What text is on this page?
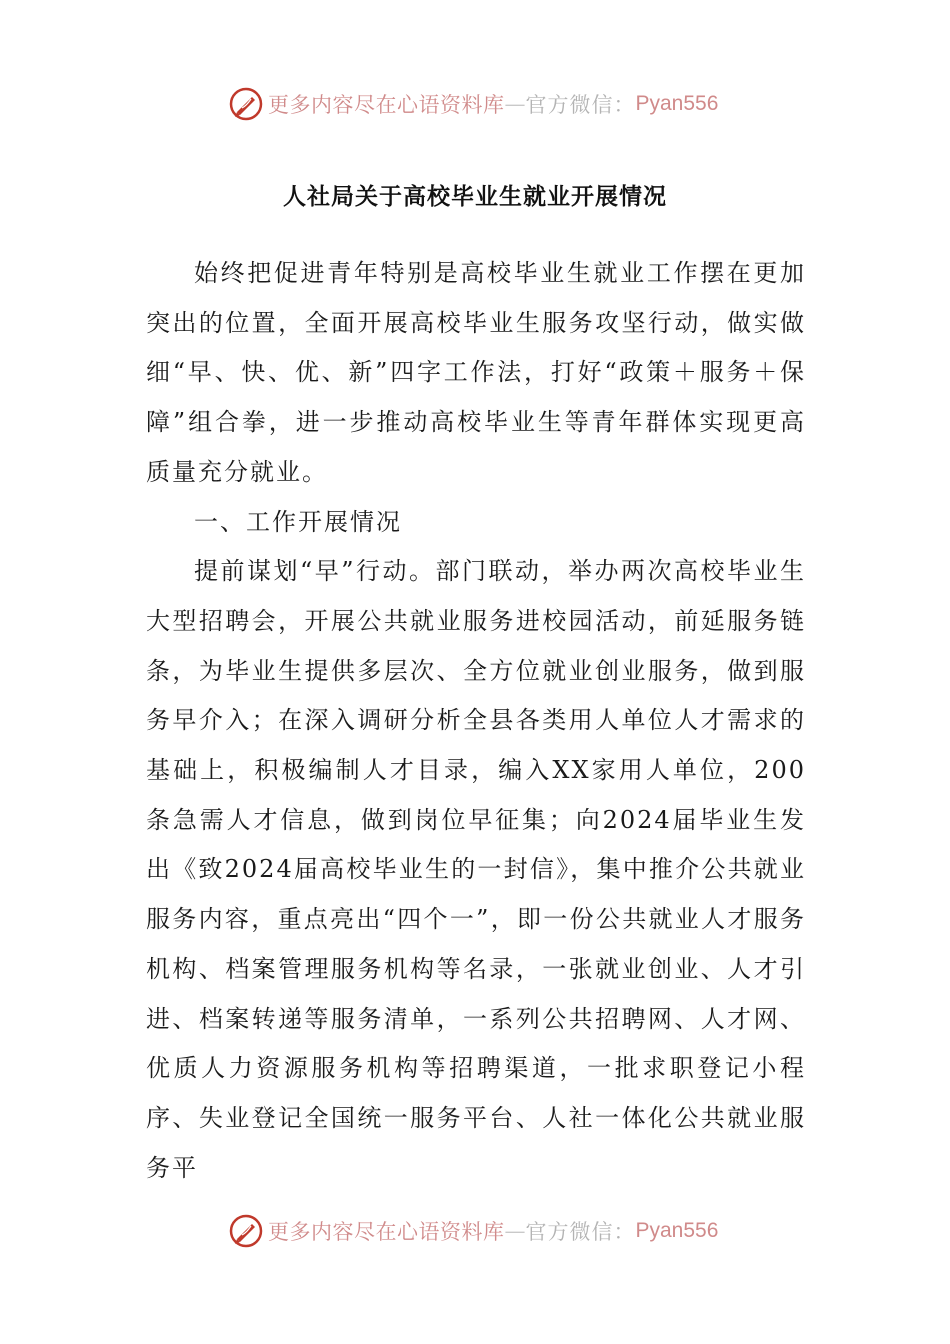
更多内容尽在心语资料库 — 官方微信： Pyan556
人社局关于高校毕业生就业开展情况

始终把促进青年特别是高校毕业生就业工作摆在更加突出的位置，全面开展高校毕业生服务攻坚行动，做实做细“早、快、优、新”四字工作法，打好“政策＋服务＋保障”组合拳，进一步推动高校毕业生等青年群体实现更高质量充分就业。

一、工作开展情况

提前谋划“早”行动。部门联动，举办两次高校毕业生大型招聘会，开展公共就业服务进校园活动，前延服务链条，为毕业生提供多层次、全方位就业创业服务，做到服务早介入；在深入调研分析全县各类用人单位人才需求的基础上，积极编制人才目录，编入XX家用人单位，200条急需人才信息，做到岗位早征集；向2024届毕业生发出《致2024届高校毕业生的一封信》，集中推介公共就业服务内容，重点亮出“四个一”，即一份公共就业人才服务机构、档案管理服务机构等名录，一张就业创业、人才引进、档案转递等服务清单，一系列公共招聘网、人才网、优质人力资源服务机构等招聘渠道，一批求职登记小程序、失业登记全国统一服务平台、人社一体化公共就业服务平

更多内容尽在心语资料库 — 官方微信： Pyan556
